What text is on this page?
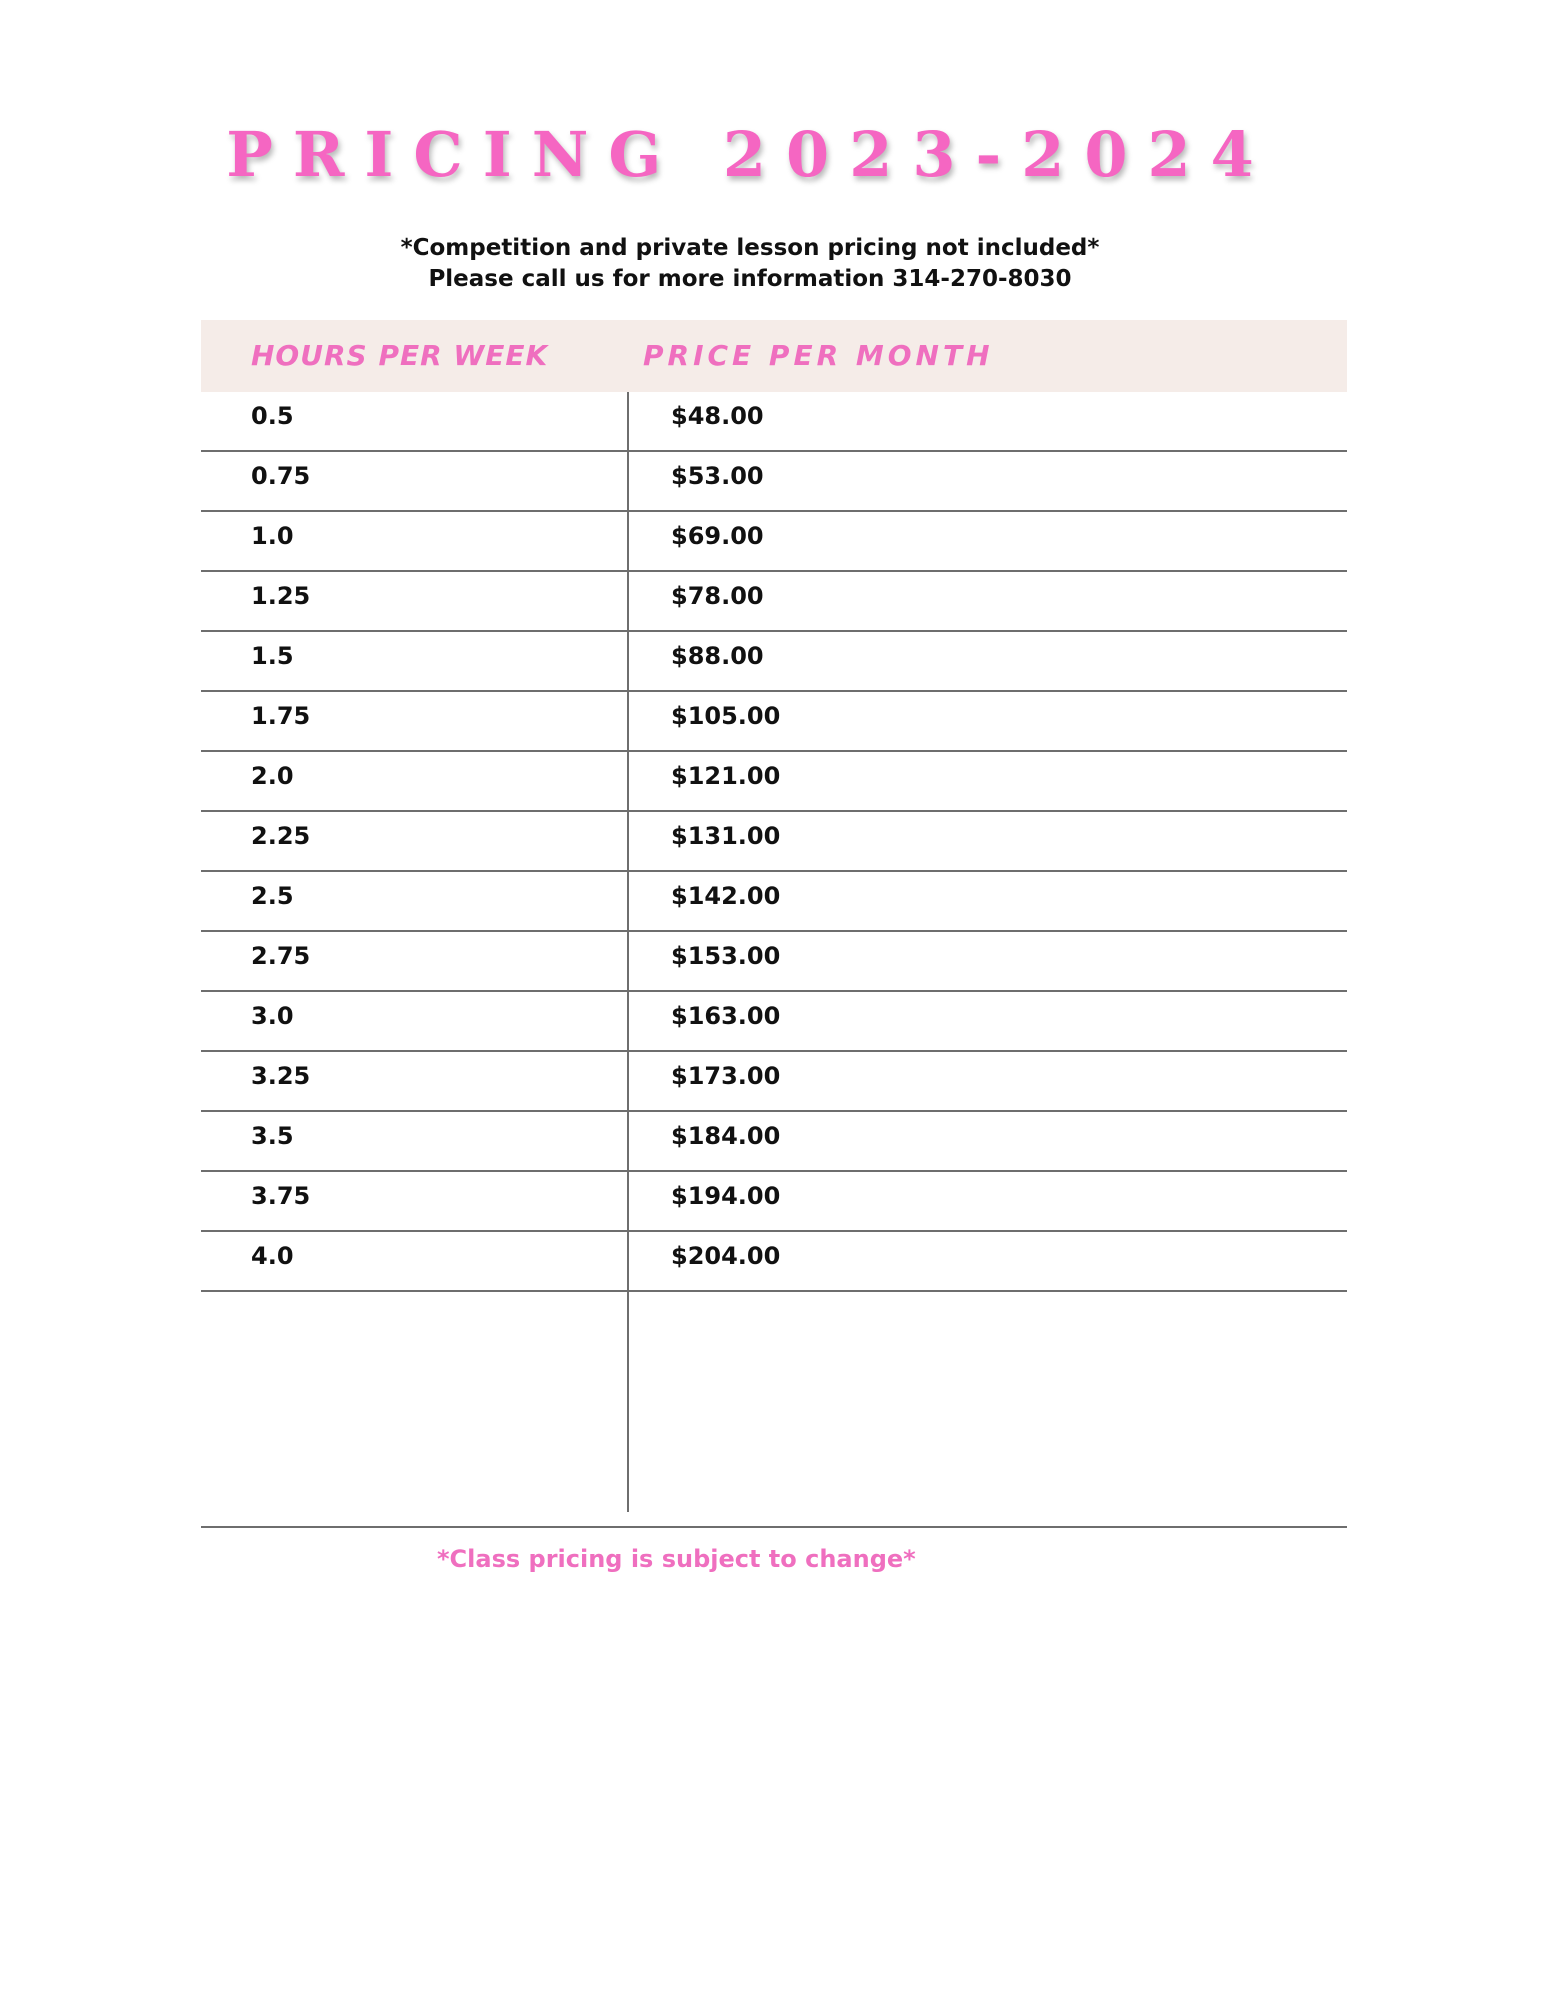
PRICING 2023-2024

*Competition and private lesson pricing not included*

Please call us for more information 314-270-8030

HOURS PER WEEK	PRICE PER MONTH
0.5	$48.00
0.75	$53.00
1.0	$69.00
1.25	$78.00
1.5	$88.00
1.75	$105.00
2.0	$121.00
2.25	$131.00
2.5	$142.00
2.75	$153.00
3.0	$163.00
3.25	$173.00
3.5	$184.00
3.75	$194.00
4.0	$204.00

*Class pricing is subject to change*
